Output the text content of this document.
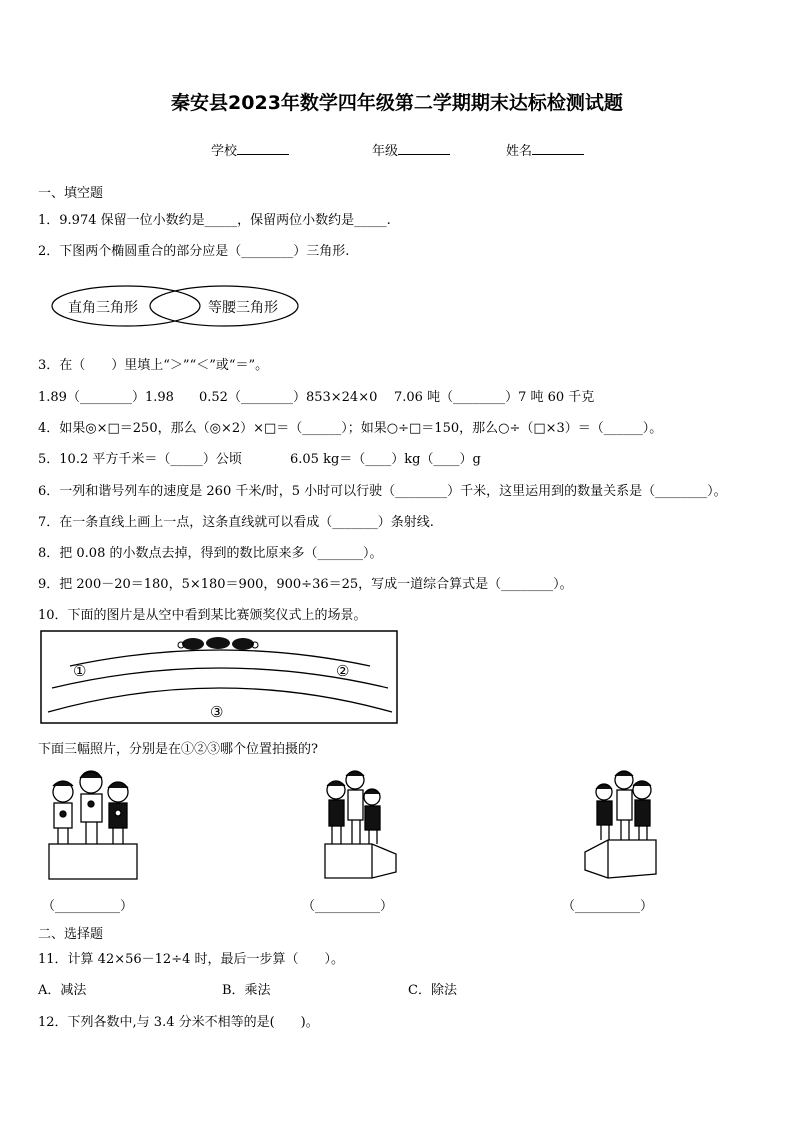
秦安县2023年数学四年级第二学期期末达标检测试题
学校	年级	姓名
一、填空题
1．9.974 保留一位小数约是_____，保留两位小数约是_____.
2．下图两个椭圆重合的部分应是（________）三角形.
直角三角形	等腰三角形
3．在（　　）里填上“＞”“＜”或“＝”。
1.89（________）1.98 0.52（________）853×24×0 7.06 吨（________）7 吨 60 千克
4．如果◎×□＝250，那么（◎×2）×□＝（______）；如果○÷□＝150，那么○÷（□×3）＝（______）。
5．10.2 平方千米＝（_____）公顷	6.05 kg＝（____）kg（____）g
6．一列和谐号列车的速度是 260 千米/时，5 小时可以行驶（________）千米，这里运用到的数量关系是（________）。
7．在一条直线上画上一点，这条直线就可以看成（_______）条射线.
8．把 0.08 的小数点去掉，得到的数比原来多（_______）。
9．把 200－20＝180，5×180＝900，900÷36＝25，写成一道综合算式是（________）。
10．下面的图片是从空中看到某比赛颁奖仪式上的场景。
①	②
③
下面三幅照片，分别是在①②③哪个位置拍摄的?
（__________）	（__________）	（__________）
二、选择题
11．计算 42×56－12÷4 时，最后一步算（　　）。
A．减法	B．乘法	C．除法
12．下列各数中,与 3.4 分米不相等的是(　　)。
